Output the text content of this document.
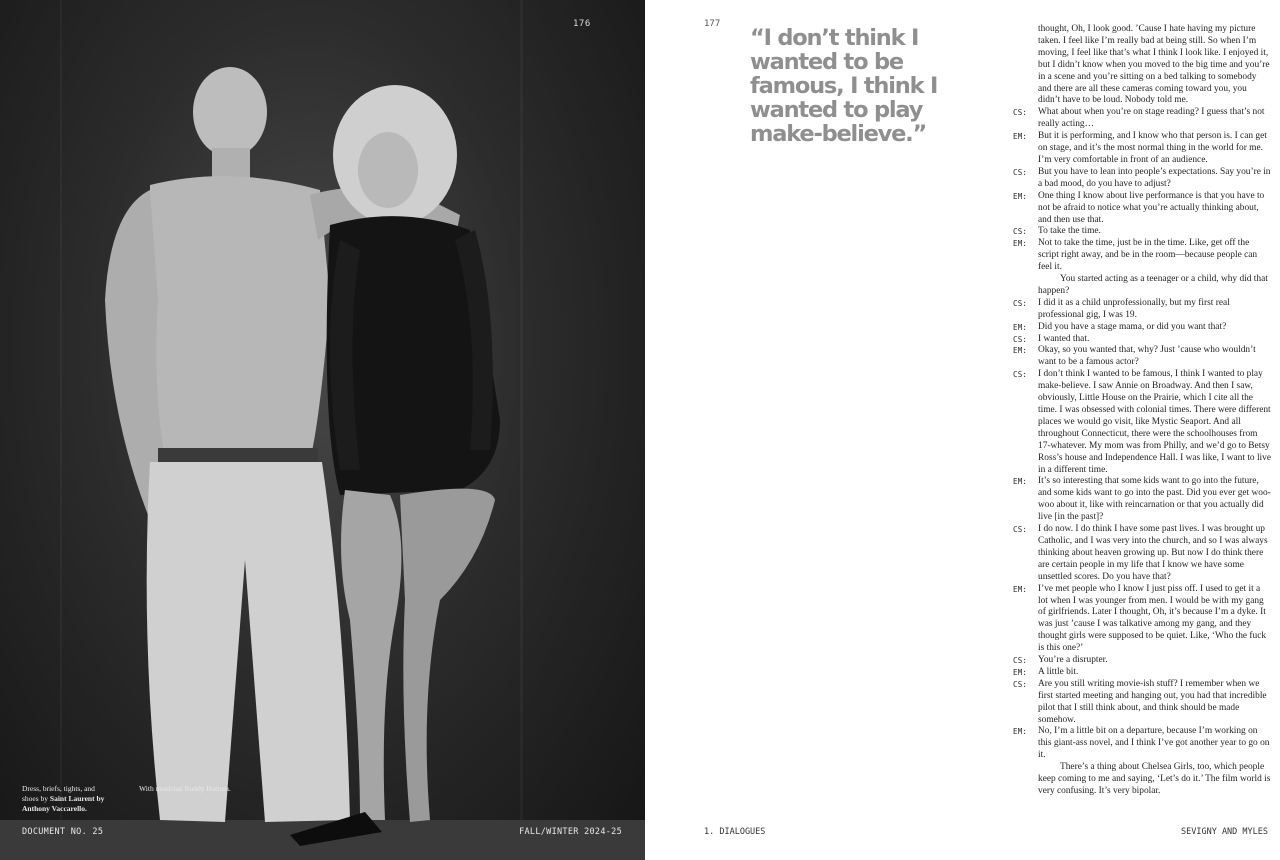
176
Dress, briefs, tights, and
shoes by Saint Laurent by
Anthony Vaccarello.
With musician Roddy Bottum.
DOCUMENT NO. 25	FALL/WINTER 2024-25
177
“I don’t think I wanted to be famous, I think I wanted to play make-believe.”
thought, Oh, I look good. ’Cause I hate having my picture taken. I feel like I’m really bad at being still. So when I’m moving, I feel like that’s what I think I look like. I enjoyed it, but I didn’t know when you moved to the big time and you’re in a scene and you’re sitting on a bed talking to somebody and there are all these cameras coming toward you, you didn’t have to be loud. Nobody told me.
CS: What about when you’re on stage reading? I guess that’s not really acting…
EM: But it is performing, and I know who that person is. I can get on stage, and it’s the most normal thing in the world for me. I’m very comfortable in front of an audience.
CS: But you have to lean into people’s expectations. Say you’re in a bad mood, do you have to adjust?
EM: One thing I know about live performance is that you have to not be afraid to notice what you’re actually thinking about, and then use that.
CS: To take the time.
EM: Not to take the time, just be in the time. Like, get off the script right away, and be in the room—because people can feel it.
You started acting as a teenager or a child, why did that happen?
CS: I did it as a child unprofessionally, but my first real professional gig, I was 19.
EM: Did you have a stage mama, or did you want that?
CS: I wanted that.
EM: Okay, so you wanted that, why? Just ’cause who wouldn’t want to be a famous actor?
CS: I don’t think I wanted to be famous, I think I wanted to play make-believe. I saw Annie on Broadway. And then I saw, obviously, Little House on the Prairie, which I cite all the time. I was obsessed with colonial times. There were different places we would go visit, like Mystic Seaport. And all throughout Connecticut, there were the schoolhouses from 17-whatever. My mom was from Philly, and we’d go to Betsy Ross’s house and Independence Hall. I was like, I want to live in a different time.
EM: It’s so interesting that some kids want to go into the future, and some kids want to go into the past. Did you ever get woo-woo about it, like with reincarnation or that you actually did live [in the past]?
CS: I do now. I do think I have some past lives. I was brought up Catholic, and I was very into the church, and so I was always thinking about heaven growing up. But now I do think there are certain people in my life that I know we have some unsettled scores. Do you have that?
EM: I’ve met people who I know I just piss off. I used to get it a lot when I was younger from men. I would be with my gang of girlfriends. Later I thought, Oh, it’s because I’m a dyke. It was just ’cause I was talkative among my gang, and they thought girls were supposed to be quiet. Like, ‘Who the fuck is this one?’
CS: You’re a disrupter.
EM: A little bit.
CS: Are you still writing movie-ish stuff? I remember when we first started meeting and hanging out, you had that incredible pilot that I still think about, and think should be made somehow.
EM: No, I’m a little bit on a departure, because I’m working on this giant-ass novel, and I think I’ve got another year to go on it.
There’s a thing about Chelsea Girls, too, which people keep coming to me and saying, ‘Let’s do it.’ The film world is very confusing. It’s very bipolar.
1. DIALOGUES	SEVIGNY AND MYLES
